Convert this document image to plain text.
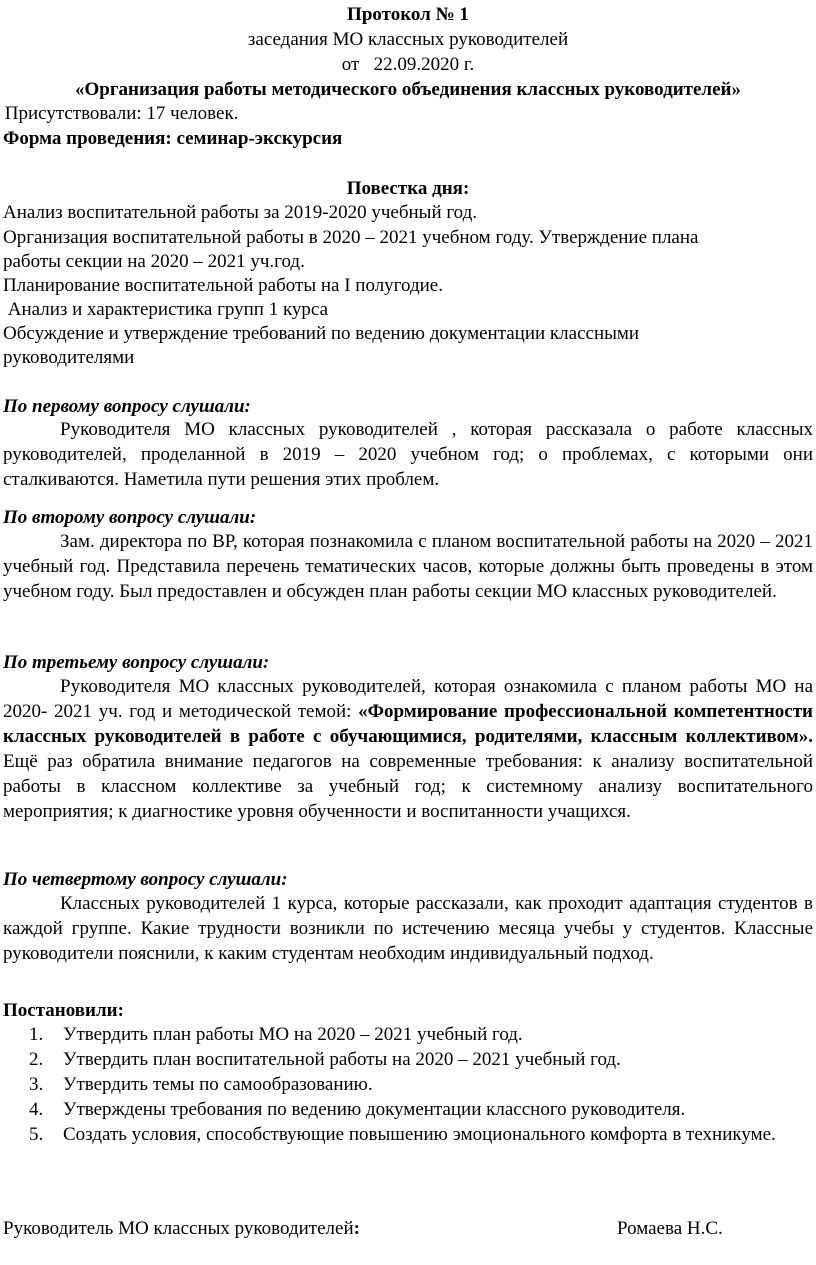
Протокол № 1
заседания МО классных руководителей
от   22.09.2020 г.
«Организация работы методического объединения классных руководителей»
Присутствовали: 17 человек.
Форма проведения: семинар-экскурсия
Повестка дня:
Анализ воспитательной работы за 2019-2020 учебный год.
Организация воспитательной работы в 2020 – 2021 учебном году. Утверждение плана
работы секции на 2020 – 2021 уч.год.
Планирование воспитательной работы на I полугодие.
Анализ и характеристика групп 1 курса
Обсуждение и утверждение требований по ведению документации классными
руководителями
По первому вопросу слушали:
Руководителя МО классных руководителей , которая рассказала о работе классных руководителей, проделанной в 2019 – 2020 учебном год; о проблемах, с которыми они сталкиваются. Наметила пути решения этих проблем.
По второму вопросу слушали:
Зам. директора по ВР, которая познакомила с планом воспитательной работы на 2020 – 2021 учебный год. Представила перечень тематических часов, которые должны быть проведены в этом учебном году. Был предоставлен и обсужден план работы секции МО классных руководителей.
По третьему вопросу слушали:
Руководителя МО классных руководителей, которая ознакомила с планом работы МО на 2020- 2021 уч. год и методической темой: «Формирование профессиональной компетентности классных руководителей в работе с обучающимися, родителями, классным коллективом». Ещё раз обратила внимание педагогов на современные требования: к анализу воспитательной работы в классном коллективе за учебный год; к системному анализу воспитательного мероприятия; к диагностике уровня обученности и воспитанности учащихся.
По четвертому вопросу слушали:
Классных руководителей 1 курса, которые рассказали, как проходит адаптация студентов в каждой группе. Какие трудности возникли по истечению месяца учебы у студентов. Классные руководители пояснили, к каким студентам необходим индивидуальный подход.
Постановили:
1. Утвердить план работы МО на 2020 – 2021 учебный год.
2. Утвердить план воспитательной работы на 2020 – 2021 учебный год.
3. Утвердить темы по самообразованию.
4. Утверждены требования по ведению документации классного руководителя.
5. Создать условия, способствующие повышению эмоционального комфорта в техникуме.
Руководитель МО классных руководителей:	Ромаева Н.С.
